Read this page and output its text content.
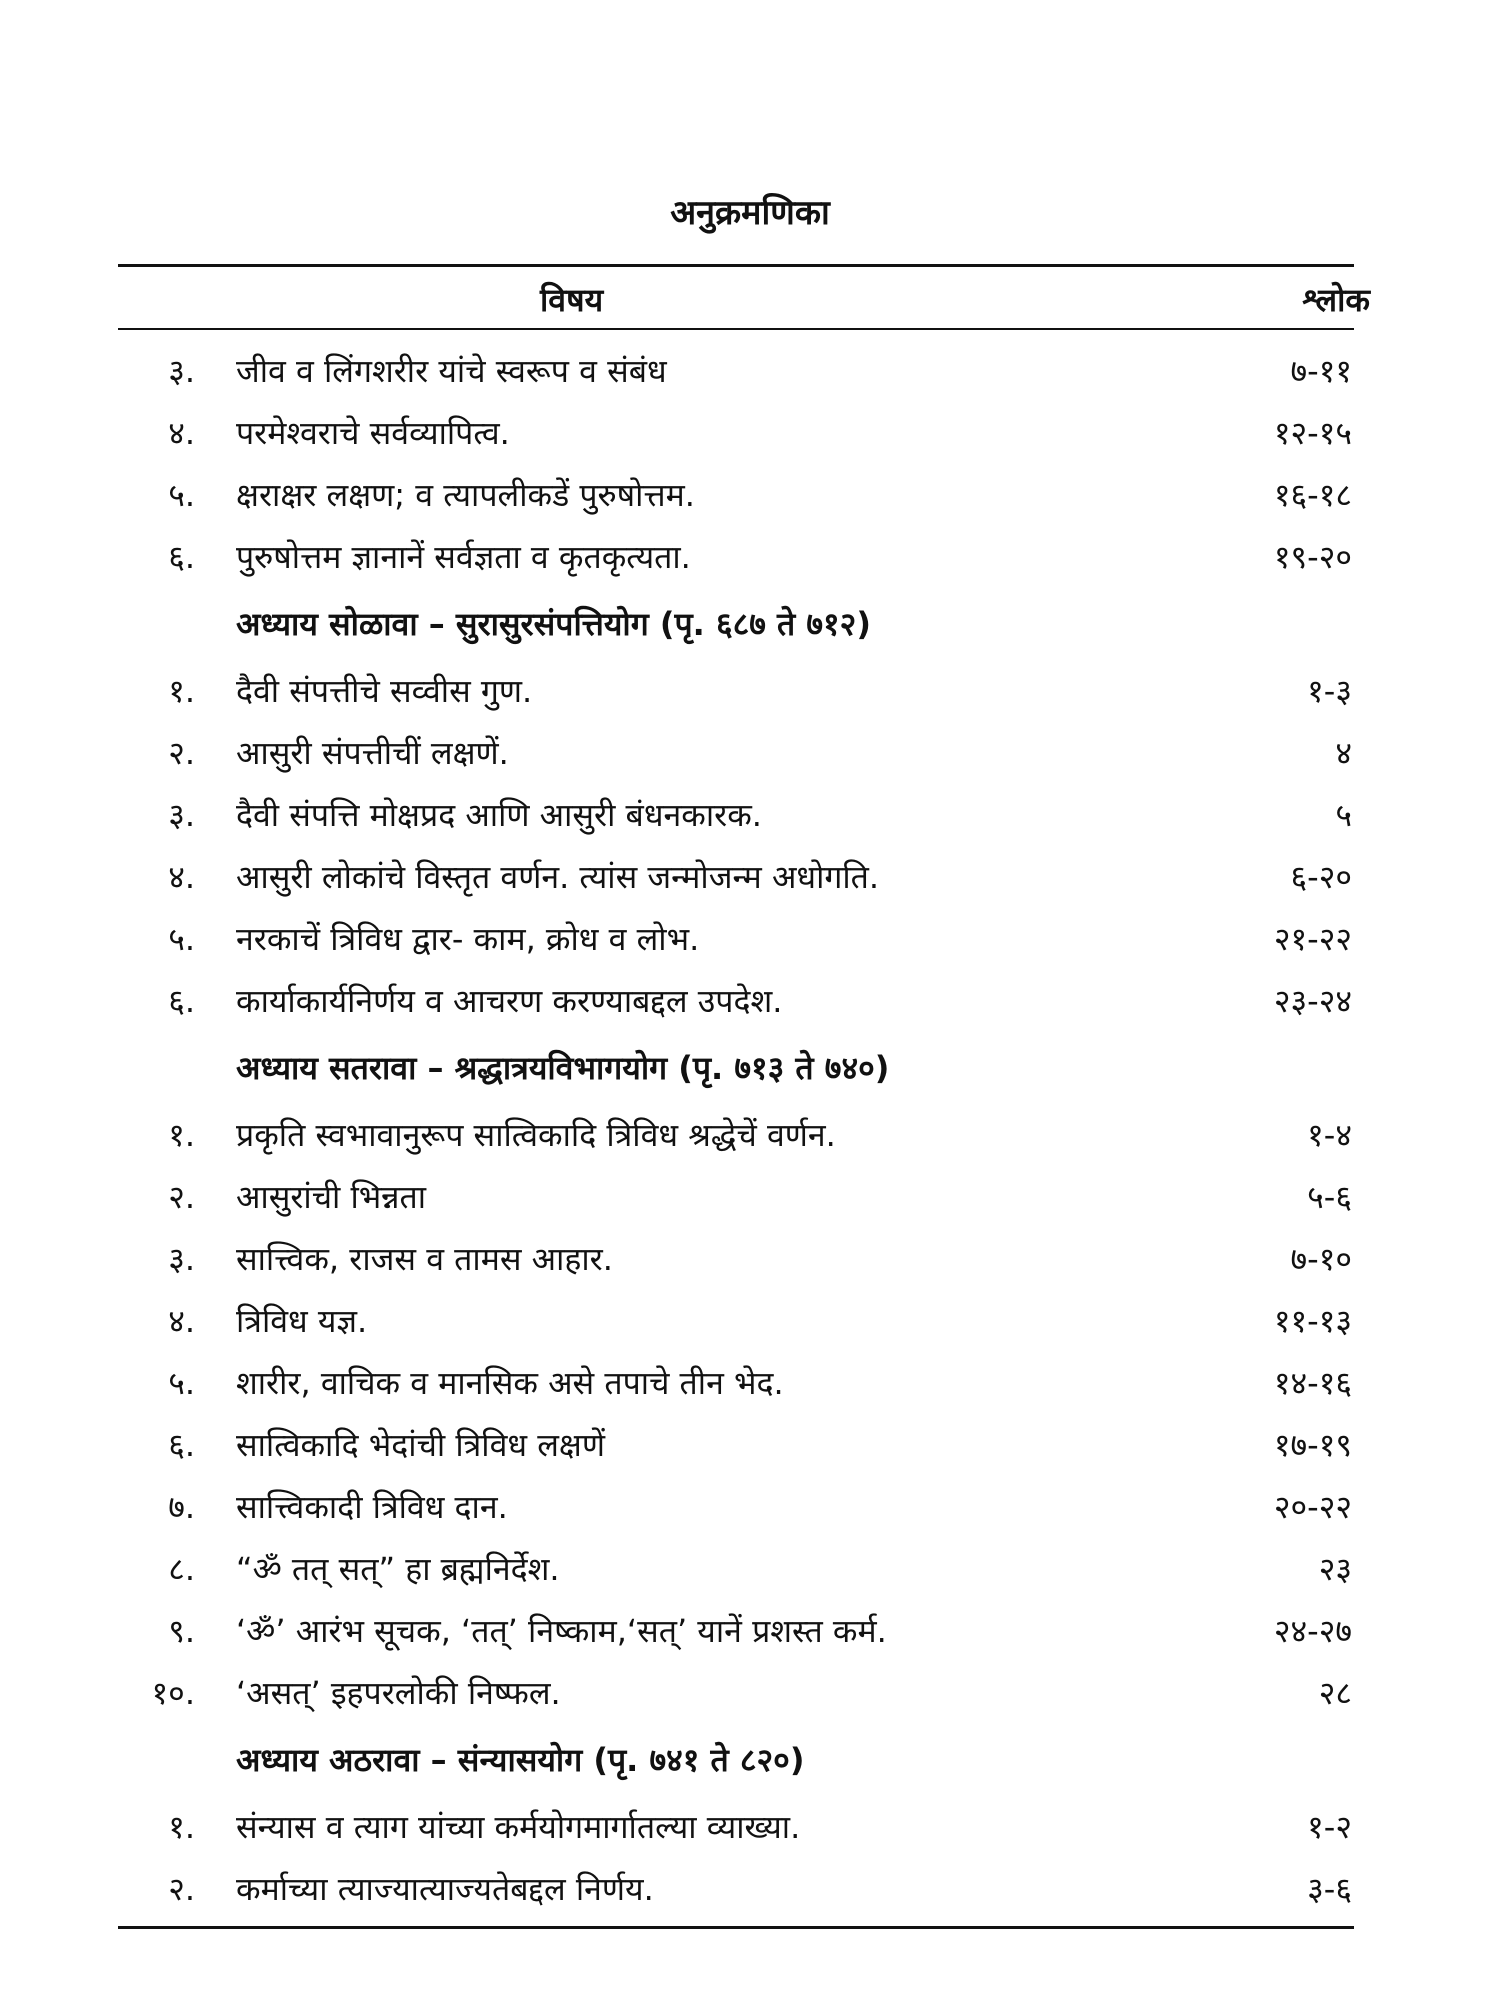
अनुक्रमणिका
विषय	श्लोक
३. जीव व लिंगशरीर यांचे स्वरूप व संबंध	७-११
४. परमेश्वराचे सर्वव्यापित्व.	१२-१५
५. क्षराक्षर लक्षण; व त्यापलीकडें पुरुषोत्तम.	१६-१८
६. पुरुषोत्तम ज्ञानानें सर्वज्ञता व कृतकृत्यता.	१९-२०
अध्याय सोळावा – सुरासुरसंपत्तियोग (पृ. ६८७ ते ७१२)
१. दैवी संपत्तीचे सव्वीस गुण.	१-३
२. आसुरी संपत्तीचीं लक्षणें.	४
३. दैवी संपत्ति मोक्षप्रद आणि आसुरी बंधनकारक.	५
४. आसुरी लोकांचे विस्तृत वर्णन. त्यांस जन्मोजन्म अधोगति.	६-२०
५. नरकाचें त्रिविध द्वार- काम, क्रोध व लोभ.	२१-२२
६. कार्याकार्यनिर्णय व आचरण करण्याबद्दल उपदेश.	२३-२४
अध्याय सतरावा – श्रद्धात्रयविभागयोग (पृ. ७१३ ते ७४०)
१. प्रकृति स्वभावानुरूप सात्विकादि त्रिविध श्रद्धेचें वर्णन.	१-४
२. आसुरांची भिन्नता	५-६
३. सात्त्विक, राजस व तामस आहार.	७-१०
४. त्रिविध यज्ञ.	११-१३
५. शारीर, वाचिक व मानसिक असे तपाचे तीन भेद.	१४-१६
६. सात्विकादि भेदांची त्रिविध लक्षणें	१७-१९
७. सात्त्विकादी त्रिविध दान.	२०-२२
८. “ॐ तत् सत्” हा ब्रह्मनिर्देश.	२३
९. ‘ॐ’ आरंभ सूचक, ‘तत्’ निष्काम,‘सत्’ यानें प्रशस्त कर्म.	२४-२७
१०. ‘असत्’ इहपरलोकी निष्फल.	२८
अध्याय अठरावा – संन्यासयोग (पृ. ७४१ ते ८२०)
१. संन्यास व त्याग यांच्या कर्मयोगमार्गातल्या व्याख्या.	१-२
२. कर्माच्या त्याज्यात्याज्यतेबद्दल निर्णय.	३-६
